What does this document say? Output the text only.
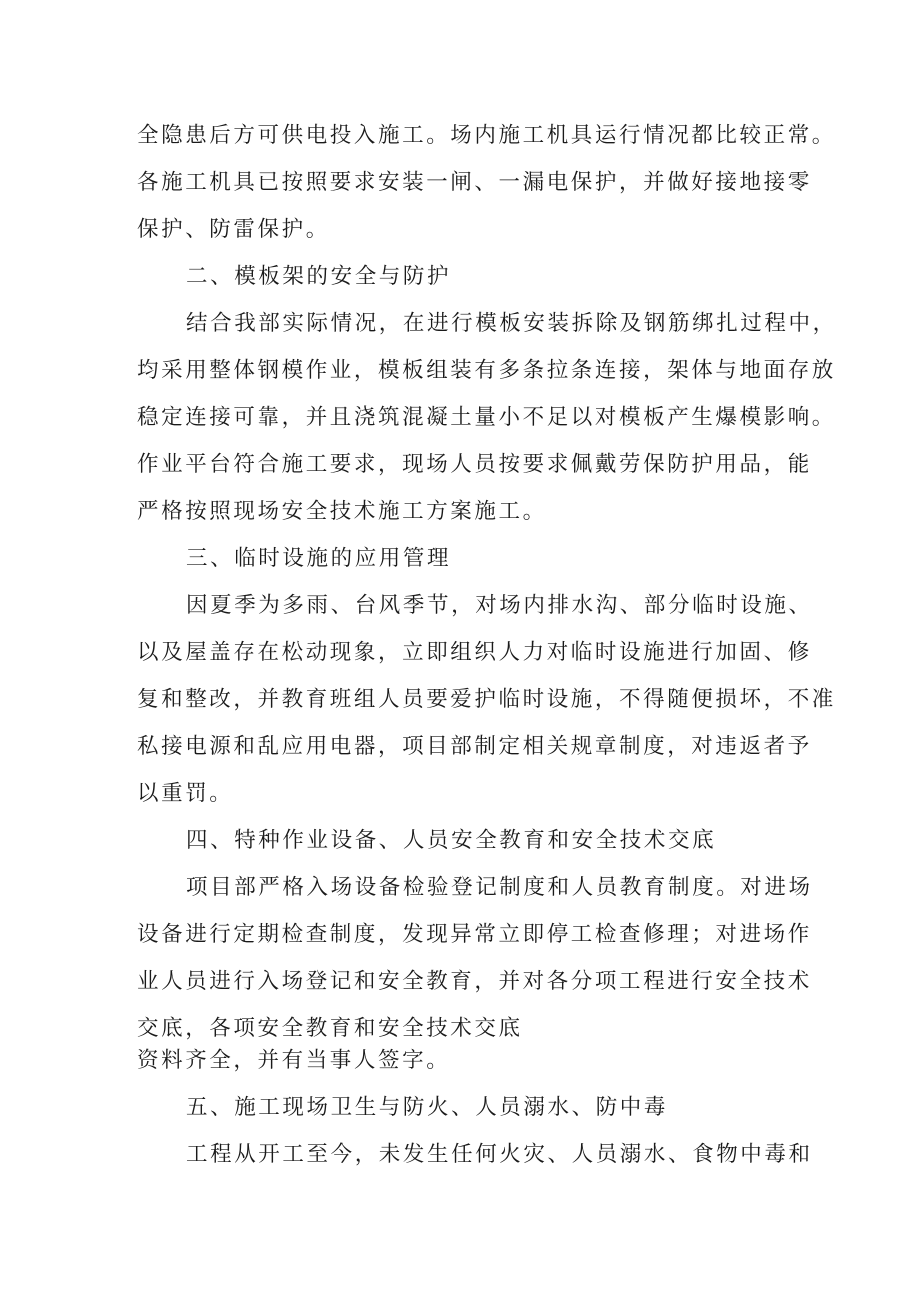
全隐患后方可供电投入施工。场内施工机具运行情况都比较正常。
各施工机具已按照要求安装一闸、一漏电保护，并做好接地接零
保护、防雷保护。
二、模板架的安全与防护
结合我部实际情况，在进行模板安装拆除及钢筋绑扎过程中，
均采用整体钢模作业，模板组装有多条拉条连接，架体与地面存放
稳定连接可靠，并且浇筑混凝土量小不足以对模板产生爆模影响。
作业平台符合施工要求，现场人员按要求佩戴劳保防护用品，能
严格按照现场安全技术施工方案施工。
三、临时设施的应用管理
因夏季为多雨、台风季节，对场内排水沟、部分临时设施、
以及屋盖存在松动现象，立即组织人力对临时设施进行加固、修
复和整改，并教育班组人员要爱护临时设施，不得随便损坏，不准
私接电源和乱应用电器，项目部制定相关规章制度，对违返者予
以重罚。
四、特种作业设备、人员安全教育和安全技术交底
项目部严格入场设备检验登记制度和人员教育制度。对进场
设备进行定期检查制度，发现异常立即停工检查修理；对进场作
业人员进行入场登记和安全教育，并对各分项工程进行安全技术
交底，各项安全教育和安全技术交底
资料齐全，并有当事人签字。
五、施工现场卫生与防火、人员溺水、防中毒
工程从开工至今，未发生任何火灾、人员溺水、食物中毒和
